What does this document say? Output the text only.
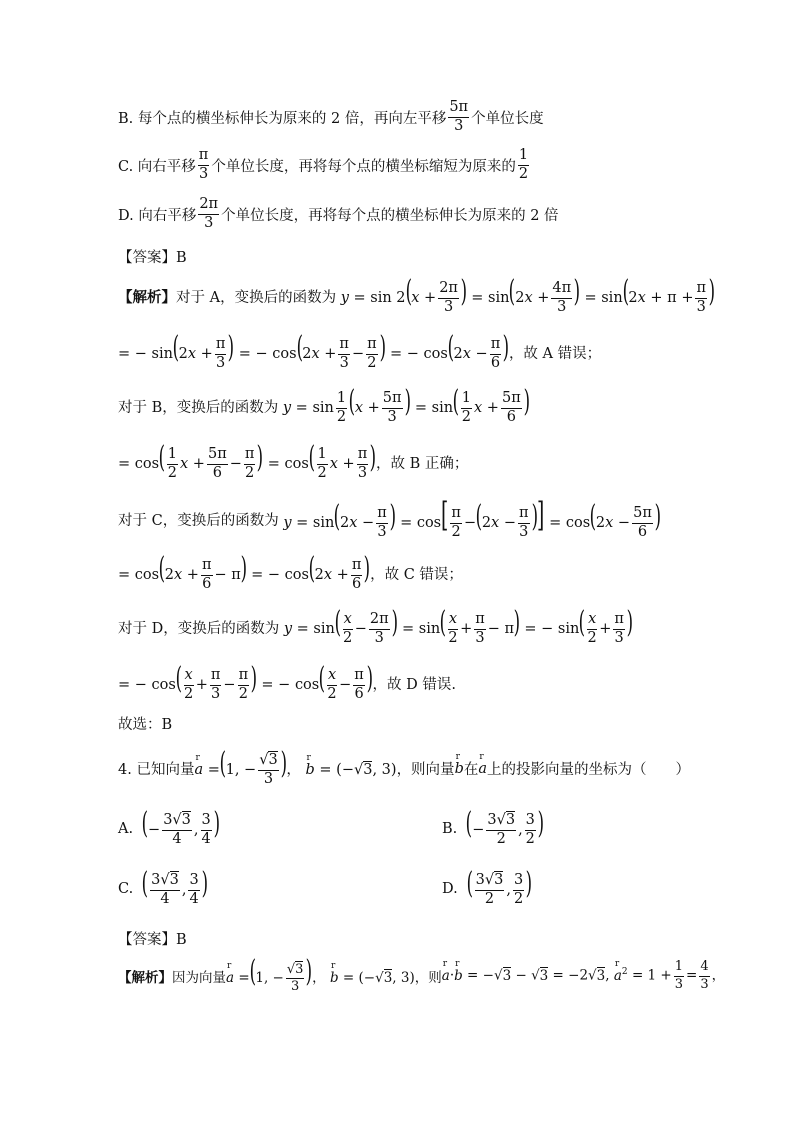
B. 每个点的横坐标伸长为原来的 2 倍，再向左平移 $\frac{5\pi}{3}$ 个单位长度
C. 向右平移 $\frac{\pi}{3}$ 个单位长度，再将每个点的横坐标缩短为原来的 $\frac{1}{2}$
D. 向右平移 $\frac{2\pi}{3}$ 个单位长度，再将每个点的横坐标伸长为原来的 2 倍
【答案】B
【解析】 对于 A，变换后的函数为 $y = \sin 2(x + \frac{2\pi}{3}$ ) = $\sin(2x + \frac{4\pi}{3}$ ) = $\sin(2x + \pi + \frac{\pi}{3}$ )
= − $\sin(2x + \frac{\pi}{3}$ ) = − $\cos(2x + \frac{\pi}{3} - \frac{\pi}{2}$ ) = − $\cos(2x - \frac{\pi}{6}$ ) ，故 A 错误；
对于 B，变换后的函数为 $y = \sin \frac{1}{2} (x + \frac{5\pi}{3}$ ) = $\sin( \frac{1}{2}$ $x + \frac{5\pi}{6}$ )
= $\cos( \frac{1}{2}$ $x + \frac{5\pi}{6} - \frac{\pi}{2}$ ) = $\cos( \frac{1}{2}$ $x + \frac{\pi}{3}$ ) ，故 B 正确；
对于 C，变换后的函数为 $y = \sin(2x - \frac{\pi}{3}$ ) = $\cos[ \frac{\pi}{2} -(2x - \frac{\pi}{3}$ )] = $\cos(2x - \frac{5\pi}{6}$ )
= $\cos(2x + \frac{\pi}{6} - \pi)$ = − $\cos(2x + \frac{\pi}{6}$ ) ，故 C 错误；
对于 D，变换后的函数为 $y = \sin( \frac{x}{2} - \frac{2\pi}{3}$ ) = $\sin( \frac{x}{2} + \frac{\pi}{3} - \pi)$ = − $\sin( \frac{x}{2} + \frac{\pi}{3}$ )
= − $\cos( \frac{x}{2} + \frac{\pi}{3} - \frac{\pi}{2}$ ) = − $\cos( \frac{x}{2} - \frac{\pi}{6}$ ) ，故 D 错误.
故选：B
4. 已知向量 r a =(1, − $\frac{√3}{3}$ )， r b = (−√3, 3) ，则向量 r b 在 r a 上的投影向量的坐标为（　　）
A. (− $\frac{3√3}{4}$ , $\frac{3}{4}$ )	B. (− $\frac{3√3}{2}$ , $\frac{3}{2}$ )
C. ( $\frac{3√3}{4}$ , $\frac{3}{4}$ )	D. ( $\frac{3√3}{2}$ , $\frac{3}{2}$ )
【答案】B
【解析】 因为向量 r a =(1, − $\frac{√3}{3}$ )， r b = (−√3, 3) ，则 r a·r b = −√3 − √3 = −2√3, r $a^2 = 1 + \frac{1}{3} = \frac{4}{3}$ ，
